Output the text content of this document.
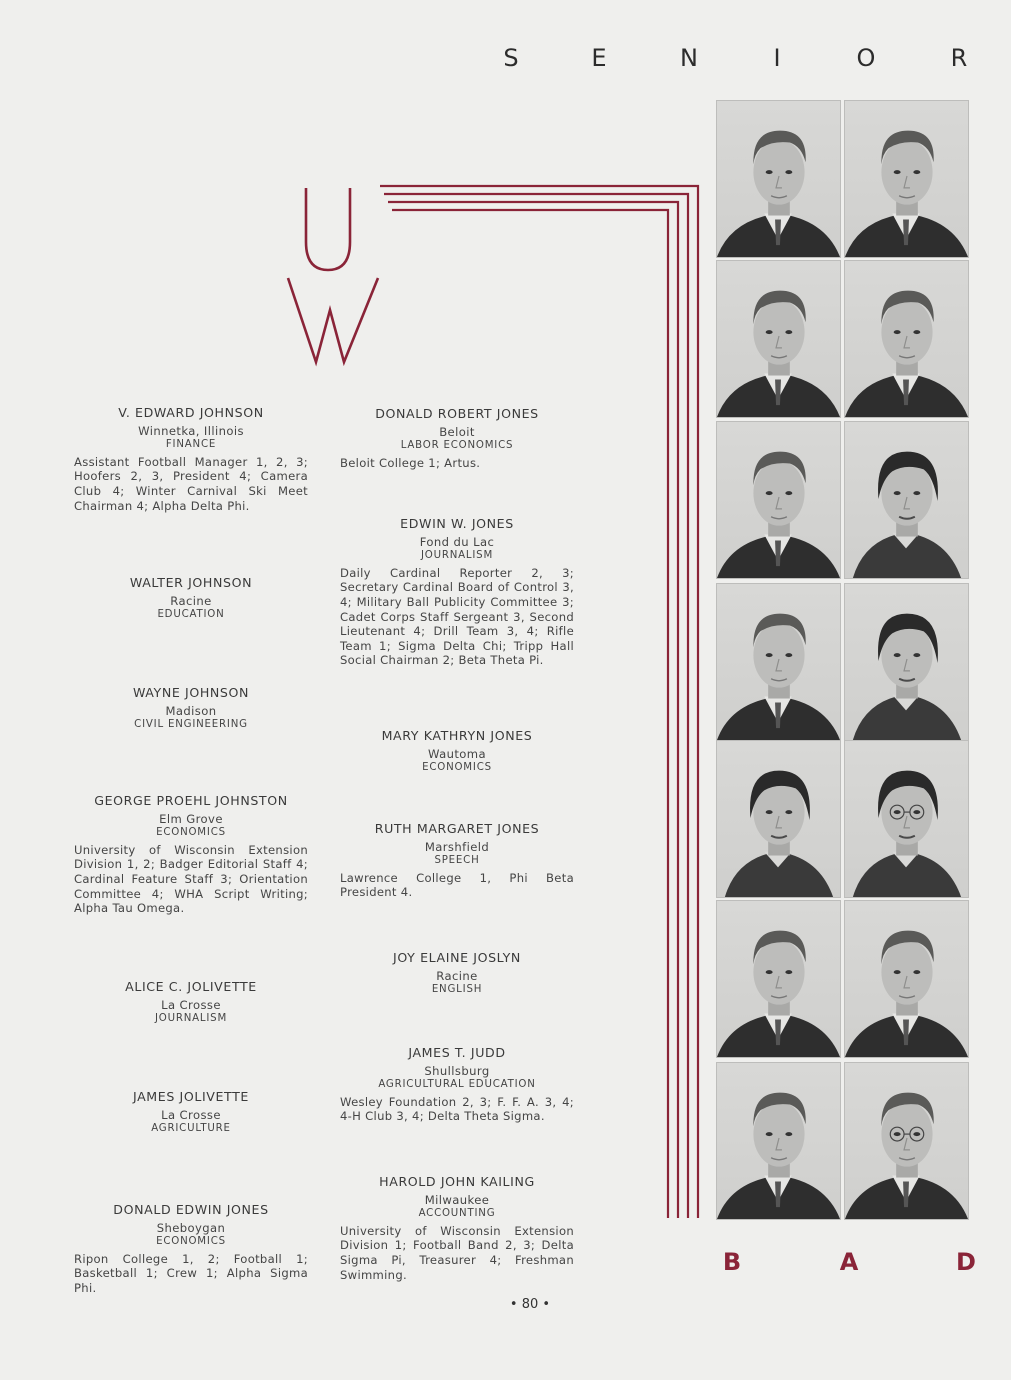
S	E	N	I	O	R
V. EDWARD JOHNSON
Winnetka, Illinois
FINANCE
Assistant Football Manager 1, 2, 3; Hoofers 2, 3, President 4; Camera Club 4; Winter Carnival Ski Meet Chairman 4; Alpha Delta Phi.
WALTER JOHNSON
Racine
EDUCATION
WAYNE JOHNSON
Madison
CIVIL ENGINEERING
GEORGE PROEHL JOHNSTON
Elm Grove
ECONOMICS
University of Wisconsin Extension Division 1, 2; Badger Editorial Staff 4; Cardinal Feature Staff 3; Orientation Committee 4; WHA Script Writing; Alpha Tau Omega.
ALICE C. JOLIVETTE
La Crosse
JOURNALISM
JAMES JOLIVETTE
La Crosse
AGRICULTURE
DONALD EDWIN JONES
Sheboygan
ECONOMICS
Ripon College 1, 2; Football 1; Basketball 1; Crew 1; Alpha Sigma Phi.
DONALD ROBERT JONES
Beloit
LABOR ECONOMICS
Beloit College 1; Artus.
EDWIN W. JONES
Fond du Lac
JOURNALISM
Daily Cardinal Reporter 2, 3; Secretary Cardinal Board of Control 3, 4; Military Ball Publicity Committee 3; Cadet Corps Staff Sergeant 3, Second Lieutenant 4; Drill Team 3, 4; Rifle Team 1; Sigma Delta Chi; Tripp Hall Social Chairman 2; Beta Theta Pi.
MARY KATHRYN JONES
Wautoma
ECONOMICS
RUTH MARGARET JONES
Marshfield
SPEECH
Lawrence College 1, Phi Beta President 4.
JOY ELAINE JOSLYN
Racine
ENGLISH
JAMES T. JUDD
Shullsburg
AGRICULTURAL EDUCATION
Wesley Foundation 2, 3; F. F. A. 3, 4; 4-H Club 3, 4; Delta Theta Sigma.
HAROLD JOHN KAILING
Milwaukee
ACCOUNTING
University of Wisconsin Extension Division 1; Football Band 2, 3; Delta Sigma Pi, Treasurer 4; Freshman Swimming.	B	A	D
• 80 •
